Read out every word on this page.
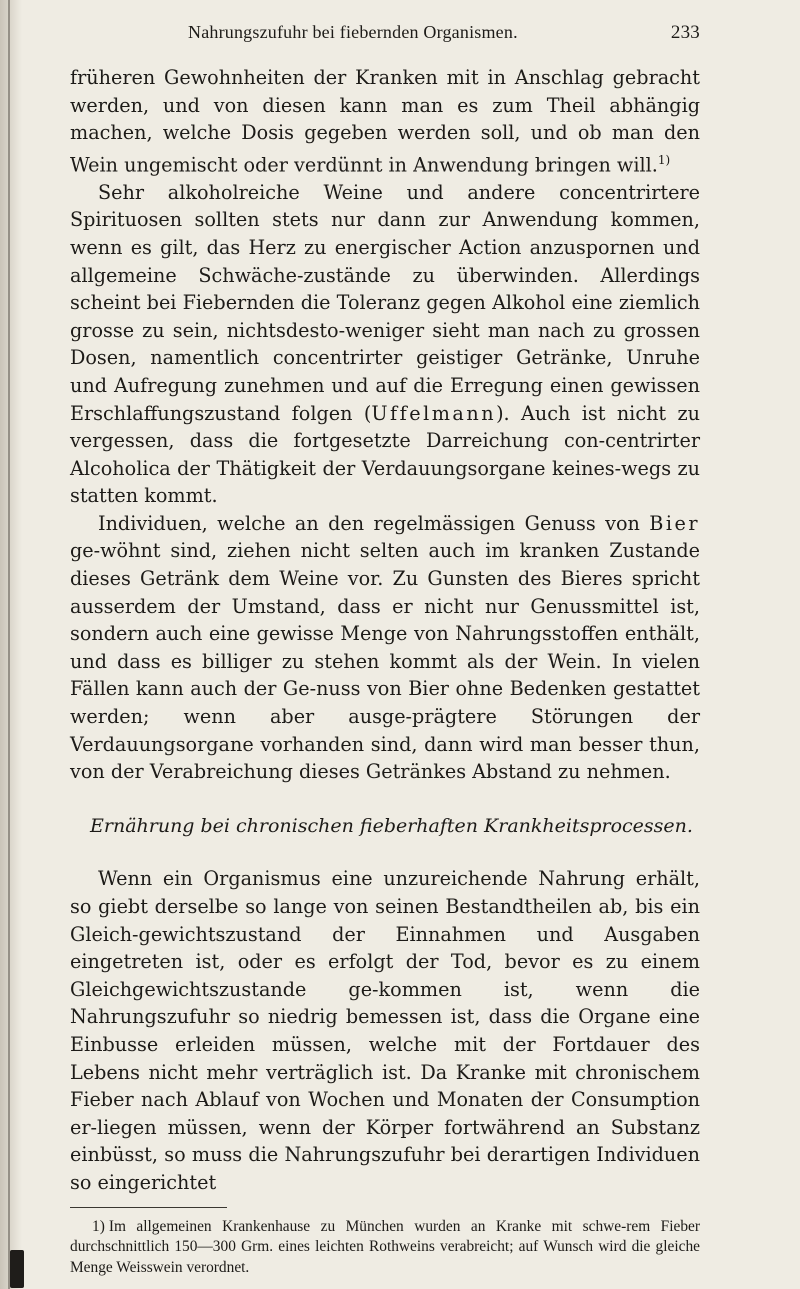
Nahrungszufuhr bei fiebernden Organismen.	233

früheren Gewohnheiten der Kranken mit in Anschlag gebracht werden, und von diesen kann man es zum Theil abhängig machen, welche Dosis gegeben werden soll, und ob man den Wein ungemischt oder verdünnt in Anwendung bringen will.$^{1)}$

Sehr alkoholreiche Weine und andere concentrirtere Spirituosen sollten stets nur dann zur Anwendung kommen, wenn es gilt, das Herz zu energischer Action anzuspornen und allgemeine Schwäche-zustände zu überwinden. Allerdings scheint bei Fiebernden die Toleranz gegen Alkohol eine ziemlich grosse zu sein, nichtsdesto-weniger sieht man nach zu grossen Dosen, namentlich concentrirter geistiger Getränke, Unruhe und Aufregung zunehmen und auf die Erregung einen gewissen Erschlaffungszustand folgen (Uffelmann). Auch ist nicht zu vergessen, dass die fortgesetzte Darreichung con-centrirter Alcoholica der Thätigkeit der Verdauungsorgane keines-wegs zu statten kommt.

Individuen, welche an den regelmässigen Genuss von Bier ge-wöhnt sind, ziehen nicht selten auch im kranken Zustande dieses Getränk dem Weine vor. Zu Gunsten des Bieres spricht ausserdem der Umstand, dass er nicht nur Genussmittel ist, sondern auch eine gewisse Menge von Nahrungsstoffen enthält, und dass es billiger zu stehen kommt als der Wein. In vielen Fällen kann auch der Ge-nuss von Bier ohne Bedenken gestattet werden; wenn aber ausge-prägtere Störungen der Verdauungsorgane vorhanden sind, dann wird man besser thun, von der Verabreichung dieses Getränkes Abstand zu nehmen.

Ernährung bei chronischen fieberhaften Krankheitsprocessen.

Wenn ein Organismus eine unzureichende Nahrung erhält, so giebt derselbe so lange von seinen Bestandtheilen ab, bis ein Gleich-gewichtszustand der Einnahmen und Ausgaben eingetreten ist, oder es erfolgt der Tod, bevor es zu einem Gleichgewichtszustande ge-kommen ist, wenn die Nahrungszufuhr so niedrig bemessen ist, dass die Organe eine Einbusse erleiden müssen, welche mit der Fortdauer des Lebens nicht mehr verträglich ist. Da Kranke mit chronischem Fieber nach Ablauf von Wochen und Monaten der Consumption er-liegen müssen, wenn der Körper fortwährend an Substanz einbüsst, so muss die Nahrungszufuhr bei derartigen Individuen so eingerichtet

1) Im allgemeinen Krankenhause zu München wurden an Kranke mit schwe-rem Fieber durchschnittlich 150—300 Grm. eines leichten Rothweins verabreicht; auf Wunsch wird die gleiche Menge Weisswein verordnet.
